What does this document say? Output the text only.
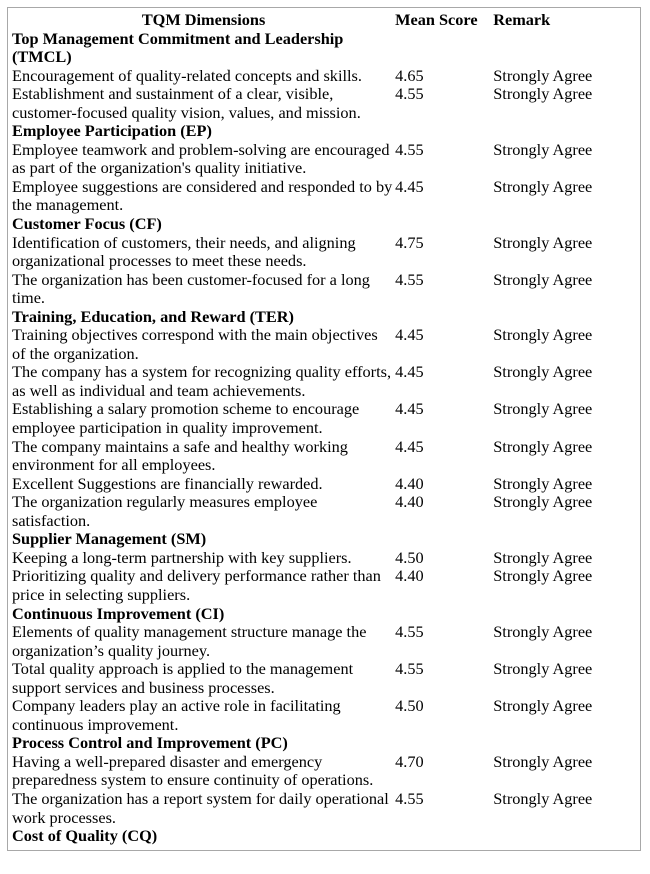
TQM Dimensions	Mean Score	Remark
Top Management Commitment and Leadership (TMCL)		
Encouragement of quality-related concepts and skills.	4.65	Strongly Agree
Establishment and sustainment of a clear, visible, customer-focused quality vision, values, and mission.	4.55	Strongly Agree
Employee Participation (EP)		
Employee teamwork and problem-solving are encouraged as part of the organization's quality initiative.	4.55	Strongly Agree
Employee suggestions are considered and responded to by the management.	4.45	Strongly Agree
Customer Focus (CF)		
Identification of customers, their needs, and aligning organizational processes to meet these needs.	4.75	Strongly Agree
The organization has been customer-focused for a long time.	4.55	Strongly Agree
Training, Education, and Reward (TER)		
Training objectives correspond with the main objectives of the organization.	4.45	Strongly Agree
The company has a system for recognizing quality efforts, as well as individual and team achievements.	4.45	Strongly Agree
Establishing a salary promotion scheme to encourage employee participation in quality improvement.	4.45	Strongly Agree
The company maintains a safe and healthy working environment for all employees.	4.45	Strongly Agree
Excellent Suggestions are financially rewarded.	4.40	Strongly Agree
The organization regularly measures employee satisfaction.	4.40	Strongly Agree
Supplier Management (SM)		
Keeping a long-term partnership with key suppliers.	4.50	Strongly Agree
Prioritizing quality and delivery performance rather than price in selecting suppliers.	4.40	Strongly Agree
Continuous Improvement (CI)		
Elements of quality management structure manage the organization’s quality journey.	4.55	Strongly Agree
Total quality approach is applied to the management support services and business processes.	4.55	Strongly Agree
Company leaders play an active role in facilitating continuous improvement.	4.50	Strongly Agree
Process Control and Improvement (PC)		
Having a well-prepared disaster and emergency preparedness system to ensure continuity of operations.	4.70	Strongly Agree
The organization has a report system for daily operational work processes.	4.55	Strongly Agree
Cost of Quality (CQ)		
